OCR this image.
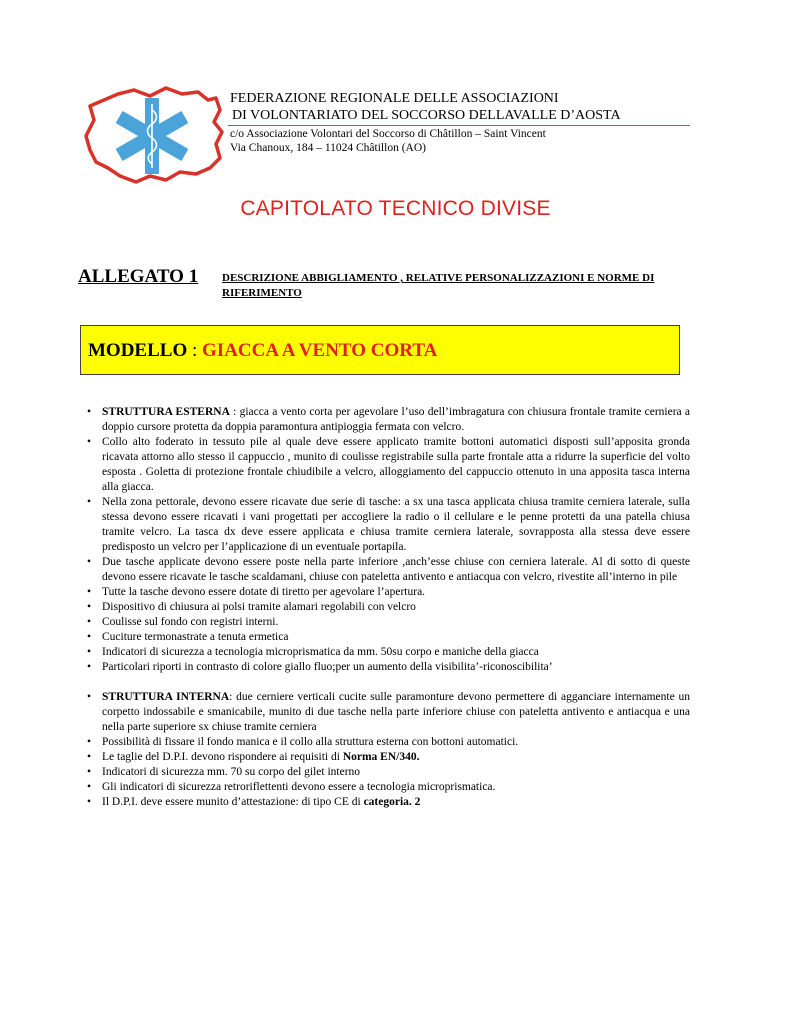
FEDERAZIONE REGIONALE DELLE ASSOCIAZIONI
DI VOLONTARIATO DEL SOCCORSO DELLAVALLE D’AOSTA
c/o Associazione Volontari del Soccorso di Châtillon – Saint Vincent
Via Chanoux, 184 – 11024 Châtillon (AO)
CAPITOLATO TECNICO DIVISE
ALLEGATO 1 DESCRIZIONE ABBIGLIAMENTO , RELATIVE PERSONALIZZAZIONI E NORME DI RIFERIMENTO
MODELLO : GIACCA A VENTO CORTA
• STRUTTURA ESTERNA : giacca a vento corta per agevolare l’uso dell’imbragatura con chiusura frontale tramite cerniera a doppio cursore protetta da doppia paramontura antipioggia fermata con velcro.
• Collo alto foderato in tessuto pile al quale deve essere applicato tramite bottoni automatici disposti sull’apposita gronda ricavata attorno allo stesso il cappuccio , munito di coulisse registrabile sulla parte frontale atta a ridurre la superficie del volto esposta . Goletta di protezione frontale chiudibile a velcro, alloggiamento del cappuccio ottenuto in una apposita tasca interna alla giacca.
• Nella zona pettorale, devono essere ricavate due serie di tasche: a sx una tasca applicata chiusa tramite cerniera laterale, sulla stessa devono essere ricavati i vani progettati per accogliere la radio o il cellulare e le penne protetti da una patella chiusa tramite velcro. La tasca dx deve essere applicata e chiusa tramite cerniera laterale, sovrapposta alla stessa deve essere predisposto un velcro per l’applicazione di un eventuale portapila.
• Due tasche applicate devono essere poste nella parte inferiore ,anch’esse chiuse con cerniera laterale. Al di sotto di queste devono essere ricavate le tasche scaldamani, chiuse con pateletta antivento e antiacqua con velcro, rivestite all’interno in pile
• Tutte la tasche devono essere dotate di tiretto per agevolare l’apertura.
• Dispositivo di chiusura ai polsi tramite alamari regolabili con velcro
• Coulisse sul fondo con registri interni.
• Cuciture termonastrate a tenuta ermetica
• Indicatori di sicurezza a tecnologia microprismatica da mm. 50su corpo e maniche della giacca
• Particolari riporti in contrasto di colore giallo fluo;per un aumento della visibilita’-riconoscibilita’
• STRUTTURA INTERNA: due cerniere verticali cucite sulle paramonture devono permettere di agganciare internamente un corpetto indossabile e smanicabile, munito di due tasche nella parte inferiore chiuse con pateletta antivento e antiacqua e una nella parte superiore sx chiuse tramite cerniera
• Possibilità di fissare il fondo manica e il collo alla struttura esterna con bottoni automatici.
• Le taglie del D.P.I. devono rispondere ai requisiti di Norma EN/340.
• Indicatori di sicurezza mm. 70 su corpo del gilet interno
• Gli indicatori di sicurezza retroriflettenti devono essere a tecnologia microprismatica.
• Il D.P.I. deve essere munito d’attestazione: di tipo CE di categoria. 2
